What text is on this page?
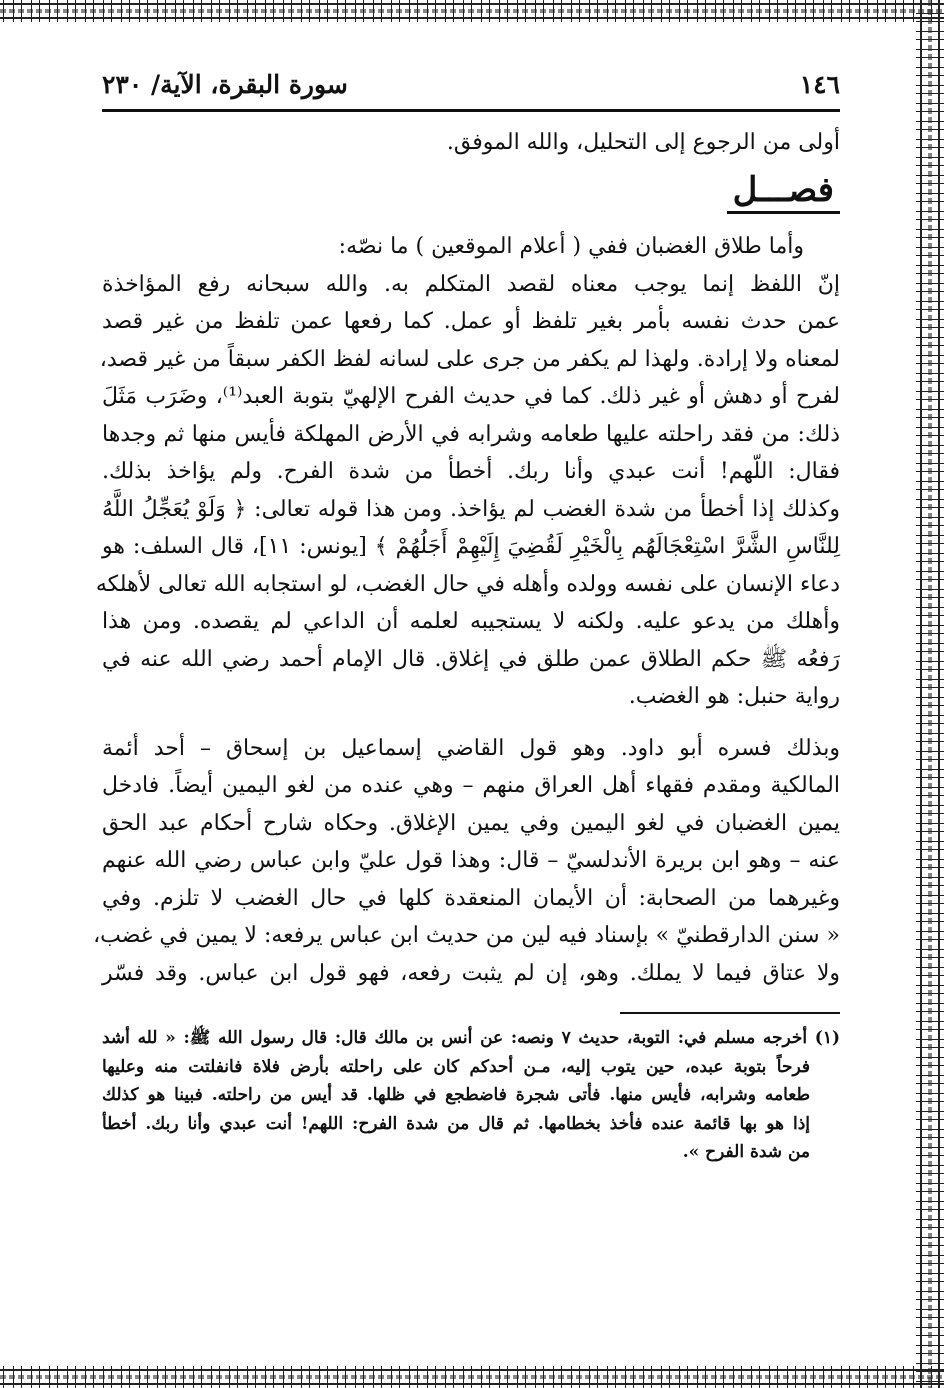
١٤٦
سورة البقرة، الآية/ ٢٣٠

أولى من الرجوع إلى التحليل، والله الموفق.

فصـــل

وأما طلاق الغضبان ففي ( أعلام الموقعين ) ما نصّه:

إنّ اللفظ إنما يوجب معناه لقصد المتكلم به. والله سبحانه رفع المؤاخذة

عمن حدث نفسه بأمر بغير تلفظ أو عمل. كما رفعها عمن تلفظ من غير قصد

لمعناه ولا إرادة. ولهذا لم يكفر من جرى على لسانه لفظ الكفر سبقاً من غير قصد،

لفرح أو دهش أو غير ذلك. كما في حديث الفرح الإلهيّ بتوبة العبد⁽¹⁾، وضَرَب مَثَلَ

ذلك: من فقد راحلته عليها طعامه وشرابه في الأرض المهلكة فأيس منها ثم وجدها

فقال: اللّهم! أنت عبدي وأنا ربك. أخطأ من شدة الفرح. ولم يؤاخذ بذلك.

وكذلك إذا أخطأ من شدة الغضب لم يؤاخذ. ومن هذا قوله تعالى: ﴿ وَلَوْ يُعَجِّلُ اللَّهُ

لِلنَّاسِ الشَّرَّ اسْتِعْجَالَهُم بِالْخَيْرِ لَقُضِيَ إِلَيْهِمْ أَجَلُهُمْ ﴾ [يونس: ١١]، قال السلف: هو

دعاء الإنسان على نفسه وولده وأهله في حال الغضب، لو استجابه الله تعالى لأهلكه

وأهلك من يدعو عليه. ولكنه لا يستجيبه لعلمه أن الداعي لم يقصده. ومن هذا

رَفعُه ﷺ حكم الطلاق عمن طلق في إغلاق. قال الإمام أحمد رضي الله عنه في

رواية حنبل: هو الغضب.

وبذلك فسره أبو داود. وهو قول القاضي إسماعيل بن إسحاق – أحد أئمة

المالكية ومقدم فقهاء أهل العراق منهم – وهي عنده من لغو اليمين أيضاً. فادخل

يمين الغضبان في لغو اليمين وفي يمين الإغلاق. وحكاه شارح أحكام عبد الحق

عنه – وهو ابن بريرة الأندلسيّ – قال: وهذا قول عليّ وابن عباس رضي الله عنهم

وغيرهما من الصحابة: أن الأيمان المنعقدة كلها في حال الغضب لا تلزم. وفي

« سنن الدارقطنيّ » بإسناد فيه لين من حديث ابن عباس يرفعه: لا يمين في غضب،

ولا عتاق فيما لا يملك. وهو، إن لم يثبت رفعه، فهو قول ابن عباس. وقد فسّر

(١) أخرجه مسلم في: التوبة، حديث ٧ ونصه: عن أنس بن مالك قال: قال رسول الله ﷺ: « لله أشد

فرحاً بتوبة عبده، حين يتوب إليه، مـن أحدكم كان على راحلته بأرض فلاة فانفلتت منه وعليها

طعامه وشرابه، فأيس منها. فأتى شجرة فاضطجع في ظلها. قد أيس من راحلته. فبينا هو كذلك

إذا هو بها قائمة عنده فأخذ بخطامها. ثم قال من شدة الفرح: اللهم! أنت عبدي وأنا ربك. أخطأ

من شدة الفرح ».
